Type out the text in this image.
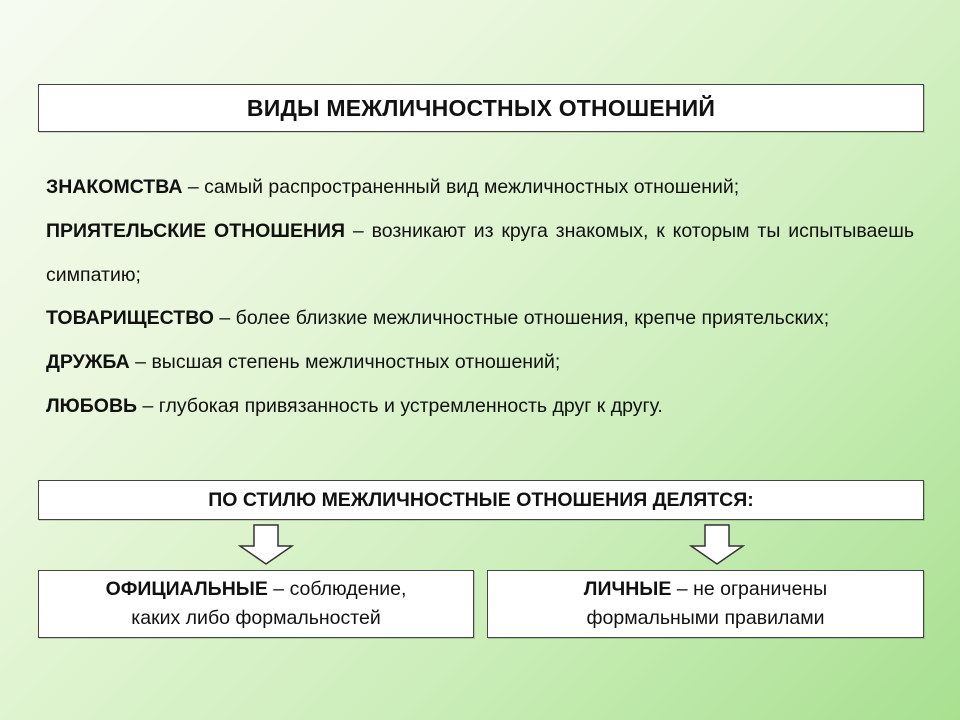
ВИДЫ МЕЖЛИЧНОСТНЫХ ОТНОШЕНИЙ

ЗНАКОМСТВА – самый распространенный вид межличностных отношений;

ПРИЯТЕЛЬСКИЕ ОТНОШЕНИЯ – возникают из круга знакомых, к которым ты испытываешь симпатию;

ТОВАРИЩЕСТВО – более близкие межличностные отношения, крепче приятельских;

ДРУЖБА – высшая степень межличностных отношений;

ЛЮБОВЬ – глубокая привязанность и устремленность друг к другу.

ПО СТИЛЮ МЕЖЛИЧНОСТНЫЕ ОТНОШЕНИЯ ДЕЛЯТСЯ:
ОФИЦИАЛЬНЫЕ – соблюдение,
каких либо формальностей
ЛИЧНЫЕ – не ограничены
формальными правилами
